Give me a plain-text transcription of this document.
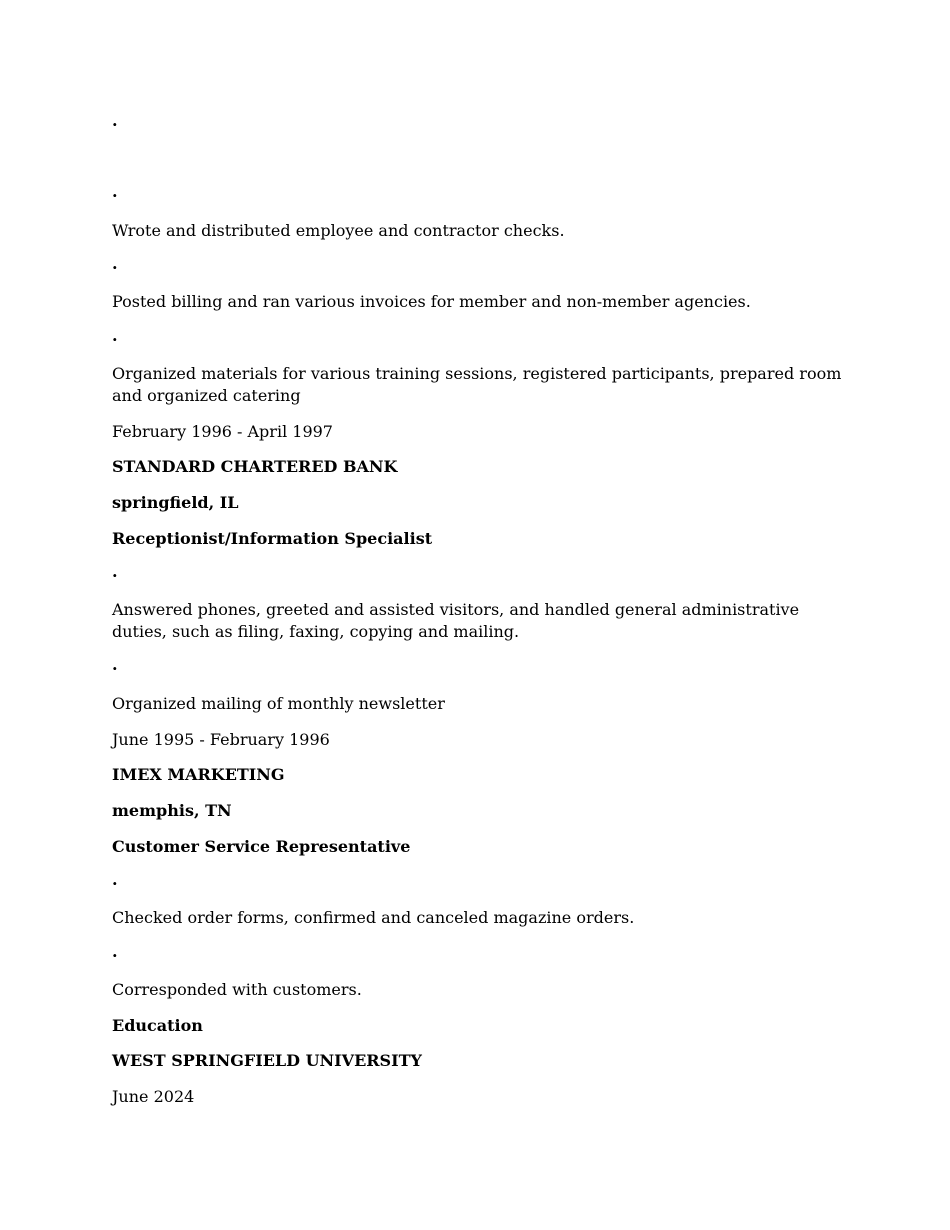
.
.
Wrote and distributed employee and contractor checks.
.
Posted billing and ran various invoices for member and non-member agencies.
.
Organized materials for various training sessions, registered participants, prepared room and organized catering
February 1996 - April 1997
STANDARD CHARTERED BANK
springfield, IL
Receptionist/Information Specialist
.
Answered phones, greeted and assisted visitors, and handled general administrative duties, such as filing, faxing, copying and mailing.
.
Organized mailing of monthly newsletter
June 1995 - February 1996
IMEX MARKETING
memphis, TN
Customer Service Representative
.
Checked order forms, confirmed and canceled magazine orders.
.
Corresponded with customers.
Education
WEST SPRINGFIELD UNIVERSITY
June 2024
